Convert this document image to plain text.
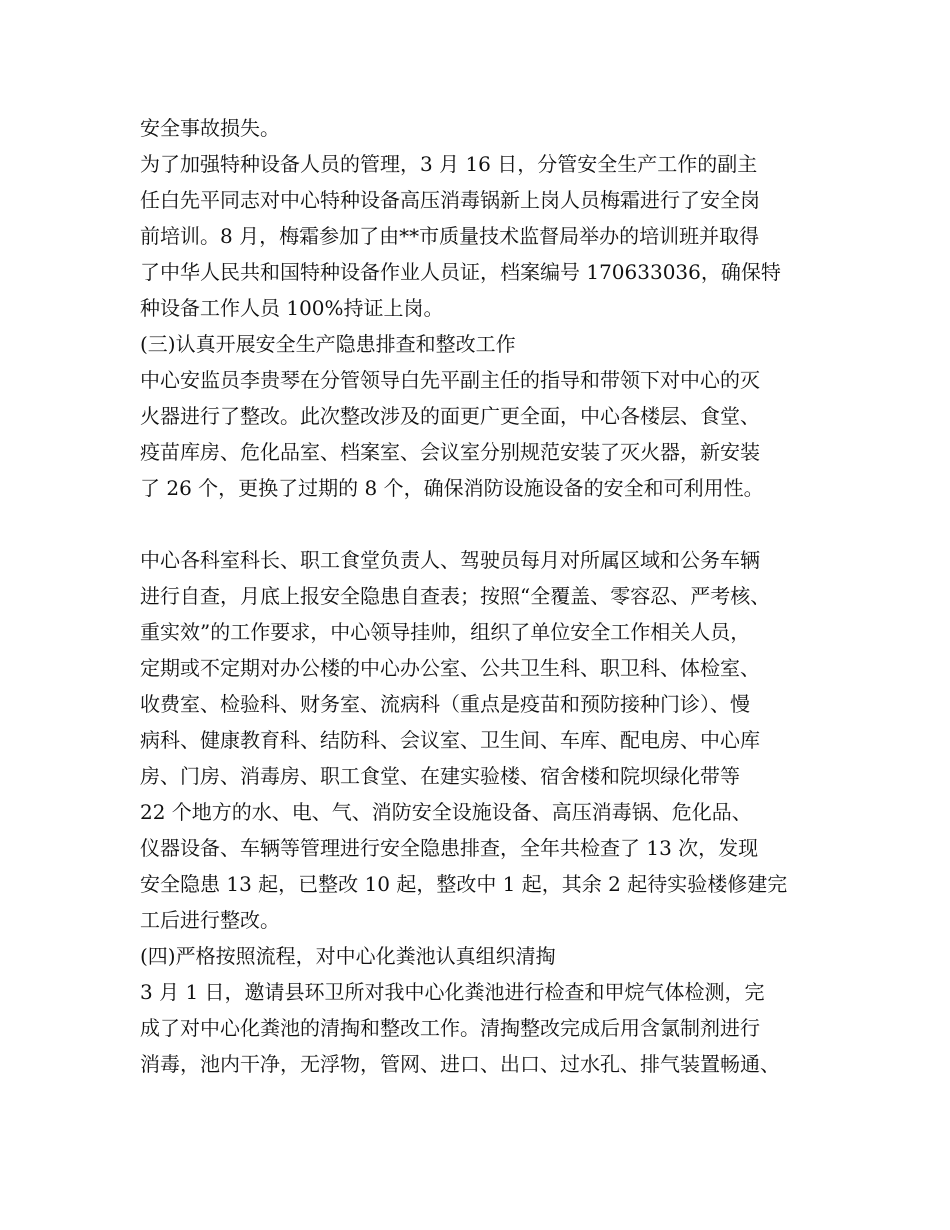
安全事故损失。
为了加强特种设备人员的管理，3 月 16 日，分管安全生产工作的副主
任白先平同志对中心特种设备高压消毒锅新上岗人员梅霜进行了安全岗
前培训。8 月，梅霜参加了由**市质量技术监督局举办的培训班并取得
了中华人民共和国特种设备作业人员证，档案编号 170633036，确保特
种设备工作人员 100%持证上岗。
(三)认真开展安全生产隐患排查和整改工作
中心安监员李贵琴在分管领导白先平副主任的指导和带领下对中心的灭
火器进行了整改。此次整改涉及的面更广更全面，中心各楼层、食堂、
疫苗库房、危化品室、档案室、会议室分别规范安装了灭火器，新安装
了 26 个，更换了过期的 8 个，确保消防设施设备的安全和可利用性。
中心各科室科长、职工食堂负责人、驾驶员每月对所属区域和公务车辆
进行自查，月底上报安全隐患自查表；按照“全覆盖、零容忍、严考核、
重实效”的工作要求，中心领导挂帅，组织了单位安全工作相关人员，
定期或不定期对办公楼的中心办公室、公共卫生科、职卫科、体检室、
收费室、检验科、财务室、流病科（重点是疫苗和预防接种门诊）、慢
病科、健康教育科、结防科、会议室、卫生间、车库、配电房、中心库
房、门房、消毒房、职工食堂、在建实验楼、宿舍楼和院坝绿化带等
22 个地方的水、电、气、消防安全设施设备、高压消毒锅、危化品、
仪器设备、车辆等管理进行安全隐患排查，全年共检查了 13 次，发现
安全隐患 13 起，已整改 10 起，整改中 1 起，其余 2 起待实验楼修建完
工后进行整改。
(四)严格按照流程，对中心化粪池认真组织清掏
3 月 1 日，邀请县环卫所对我中心化粪池进行检查和甲烷气体检测，完
成了对中心化粪池的清掏和整改工作。清掏整改完成后用含氯制剂进行
消毒，池内干净，无浮物，管网、进口、出口、过水孔、排气装置畅通、
